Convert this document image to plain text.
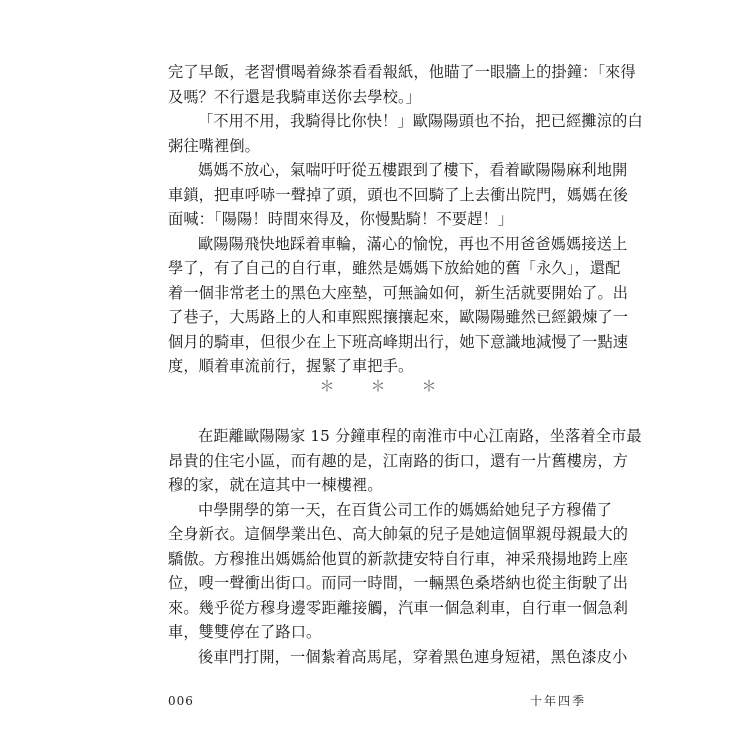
完了早飯，老習慣喝着綠茶看看報紙，他瞄了一眼牆上的掛鐘：「來得
及嗎？不行還是我騎車送你去學校。」
「不用不用，我騎得比你快！」歐陽陽頭也不抬，把已經攤涼的白
粥往嘴裡倒。
媽媽不放心，氣喘吁吁從五樓跟到了樓下，看着歐陽陽麻利地開
車鎖，把車呼哧一聲掉了頭，頭也不回騎了上去衝出院門，媽媽在後
面喊：「陽陽！時間來得及，你慢點騎！不要趕！」
歐陽陽飛快地踩着車輪，滿心的愉悅，再也不用爸爸媽媽接送上
學了，有了自己的自行車，雖然是媽媽下放給她的舊「永久」，還配
着一個非常老土的黑色大座墊，可無論如何，新生活就要開始了。出
了巷子，大馬路上的人和車熙熙攘攘起來，歐陽陽雖然已經鍛煉了一
個月的騎車，但很少在上下班高峰期出行，她下意識地減慢了一點速
度，順着車流前行，握緊了車把手。
＊＊＊
在距離歐陽陽家 15 分鐘車程的南淮市中心江南路，坐落着全市最
昂貴的住宅小區，而有趣的是，江南路的街口，還有一片舊樓房，方
穆的家，就在這其中一棟樓裡。
中學開學的第一天，在百貨公司工作的媽媽給她兒子方穆備了
全身新衣。這個學業出色、高大帥氣的兒子是她這個單親母親最大的
驕傲。方穆推出媽媽給他買的新款捷安特自行車，神采飛揚地跨上座
位，嗖一聲衝出街口。而同一時間，一輛黑色桑塔納也從主街駛了出
來。幾乎從方穆身邊零距離接觸，汽車一個急剎車，自行車一個急剎
車，雙雙停在了路口。
後車門打開，一個紮着高馬尾，穿着黑色連身短裙，黑色漆皮小
006	十年四季
